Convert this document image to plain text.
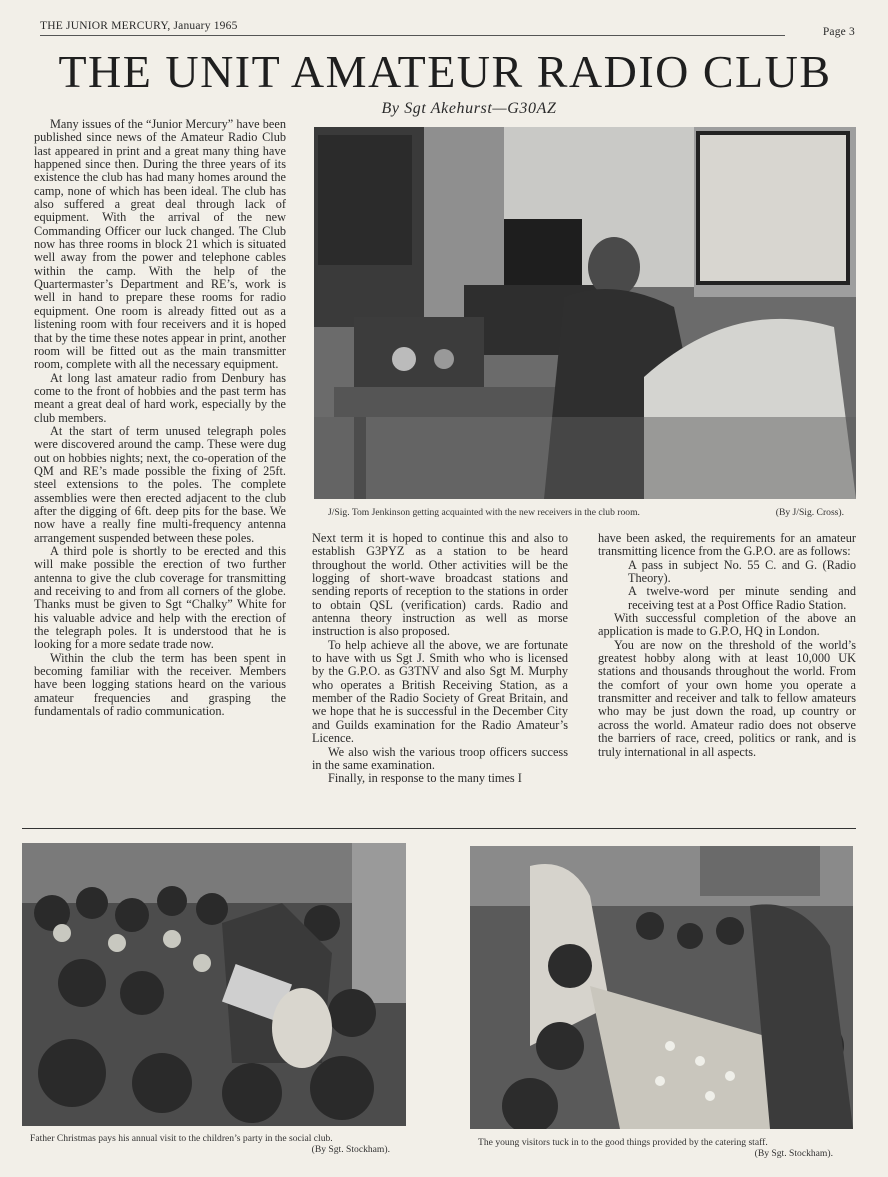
THE JUNIOR MERCURY, January 1965	Page 3
THE UNIT AMATEUR RADIO CLUB
By Sgt Akehurst—G30AZ

Many issues of the “Junior Mercury” have been published since news of the Amateur Radio Club last appeared in print and a great many thing have happened since then. During the three years of its existence the club has had many homes around the camp, none of which has been ideal. The club has also suffered a great deal through lack of equipment. With the arrival of the new Commanding Officer our luck changed. The Club now has three rooms in block 21 which is situated well away from the power and telephone cables within the camp. With the help of the Quartermaster’s Department and RE’s, work is well in hand to prepare these rooms for radio equipment. One room is already fitted out as a listening room with four receivers and it is hoped that by the time these notes appear in print, another room will be fitted out as the main transmitter room, complete with all the necessary equipment.

At long last amateur radio from Denbury has come to the front of hobbies and the past term has meant a great deal of hard work, especially by the club members.

At the start of term unused telegraph poles were discovered around the camp. These were dug out on hobbies nights; next, the co-operation of the QM and RE’s made possible the fixing of 25ft. steel extensions to the poles. The complete assemblies were then erected adjacent to the club after the digging of 6ft. deep pits for the base. We now have a really fine multi-frequency antenna arrangement suspended between these poles.

A third pole is shortly to be erected and this will make possible the erection of two further antenna to give the club coverage for transmitting and receiving to and from all corners of the globe. Thanks must be given to Sgt “Chalky” White for his valuable advice and help with the erection of the telegraph poles. It is understood that he is looking for a more sedate trade now.

Within the club the term has been spent in becoming familiar with the receiver. Members have been logging stations heard on the various amateur frequencies and grasping the fundamentals of radio communication.

J/Sig. Tom Jenkinson getting acquainted with the new receivers in the club room.	(By J/Sig. Cross).

Next term it is hoped to continue this and also to establish G3PYZ as a station to be heard throughout the world. Other activities will be the logging of short-wave broadcast stations and sending reports of reception to the stations in order to obtain QSL (verification) cards. Radio and antenna theory instruction as well as morse instruction is also proposed.

To help achieve all the above, we are fortunate to have with us Sgt J. Smith who who is licensed by the G.P.O. as G3TNV and also Sgt M. Murphy who operates a British Receiving Station, as a member of the Radio Society of Great Britain, and we hope that he is successful in the December City and Guilds examination for the Radio Amateur’s Licence.

We also wish the various troop officers success in the same examination.

Finally, in response to the many times I

have been asked, the requirements for an amateur transmitting licence from the G.P.O. are as follows:

A pass in subject No. 55 C. and G. (Radio Theory).

A twelve-word per minute sending and receiving test at a Post Office Radio Station.

With successful completion of the above an application is made to G.P.O, HQ in London.

You are now on the threshold of the world’s greatest hobby along with at least 10,000 UK stations and thousands throughout the world. From the comfort of your own home you operate a transmitter and receiver and talk to fellow amateurs who may be just down the road, up country or across the world. Amateur radio does not observe the barriers of race, creed, politics or rank, and is truly international in all aspects.

Father Christmas pays his annual visit to the children’s party in the social club.
(By Sgt. Stockham).
The young visitors tuck in to the good things provided by the catering staff.
(By Sgt. Stockham).
